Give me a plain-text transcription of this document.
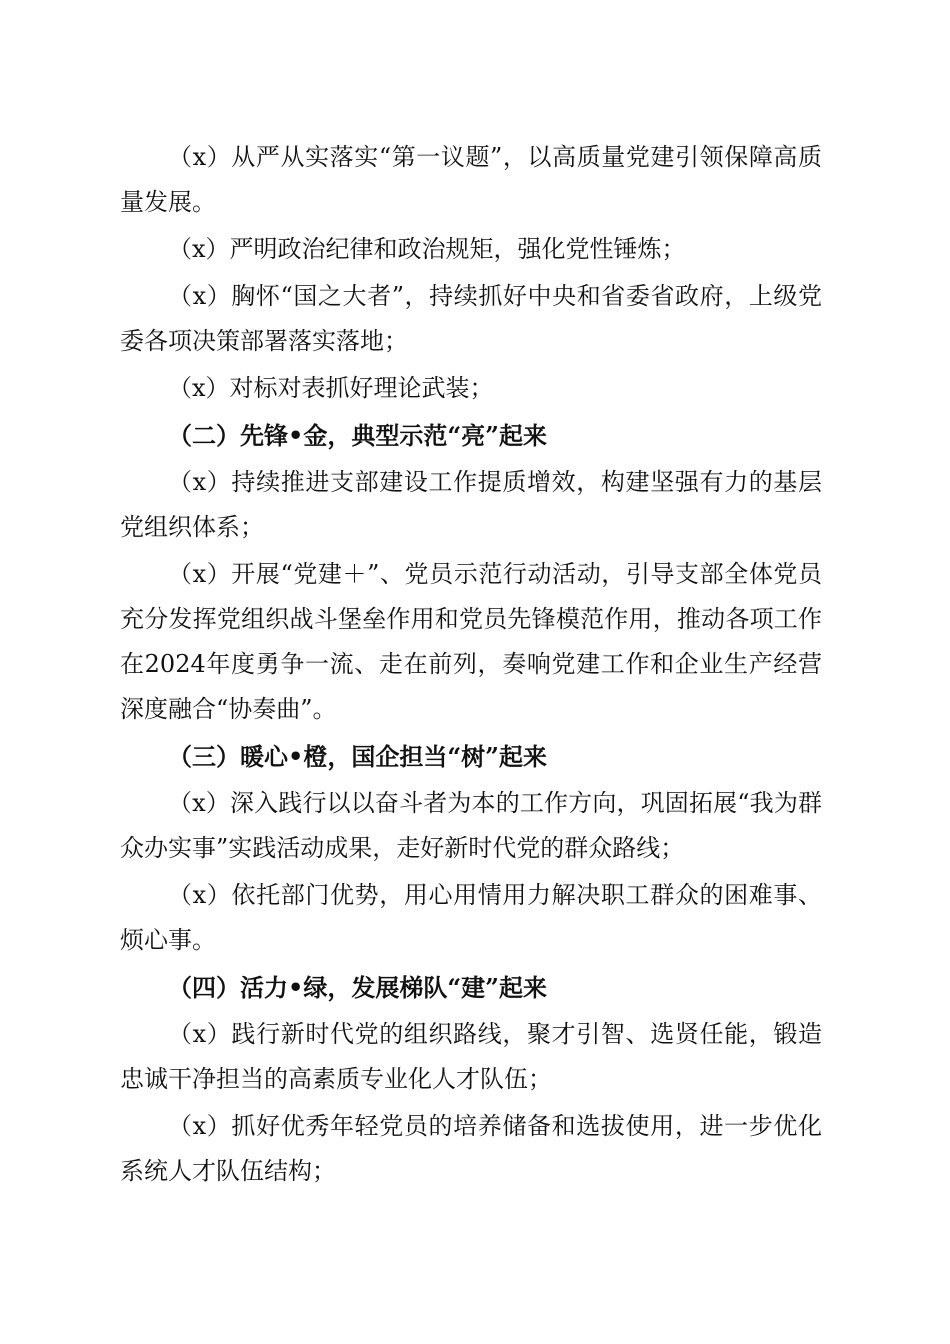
（x）从严从实落实“第一议题”，以高质量党建引领保障高质量发展。

（x）严明政治纪律和政治规矩，强化党性锤炼；

（x）胸怀“国之大者”，持续抓好中央和省委省政府，上级党委各项决策部署落实落地；

（x）对标对表抓好理论武装；

（二）先锋•金，典型示范“亮”起来

（x）持续推进支部建设工作提质增效，构建坚强有力的基层党组织体系；

（x）开展“党建＋”、党员示范行动活动，引导支部全体党员充分发挥党组织战斗堡垒作用和党员先锋模范作用，推动各项工作在2024年度勇争一流、走在前列，奏响党建工作和企业生产经营深度融合“协奏曲”。

（三）暖心•橙，国企担当“树”起来

（x）深入践行以以奋斗者为本的工作方向，巩固拓展“我为群众办实事”实践活动成果，走好新时代党的群众路线；

（x）依托部门优势，用心用情用力解决职工群众的困难事、烦心事。

（四）活力•绿，发展梯队“建”起来

（x）践行新时代党的组织路线，聚才引智、选贤任能，锻造忠诚干净担当的高素质专业化人才队伍；

（x）抓好优秀年轻党员的培养储备和选拔使用，进一步优化系统人才队伍结构；
